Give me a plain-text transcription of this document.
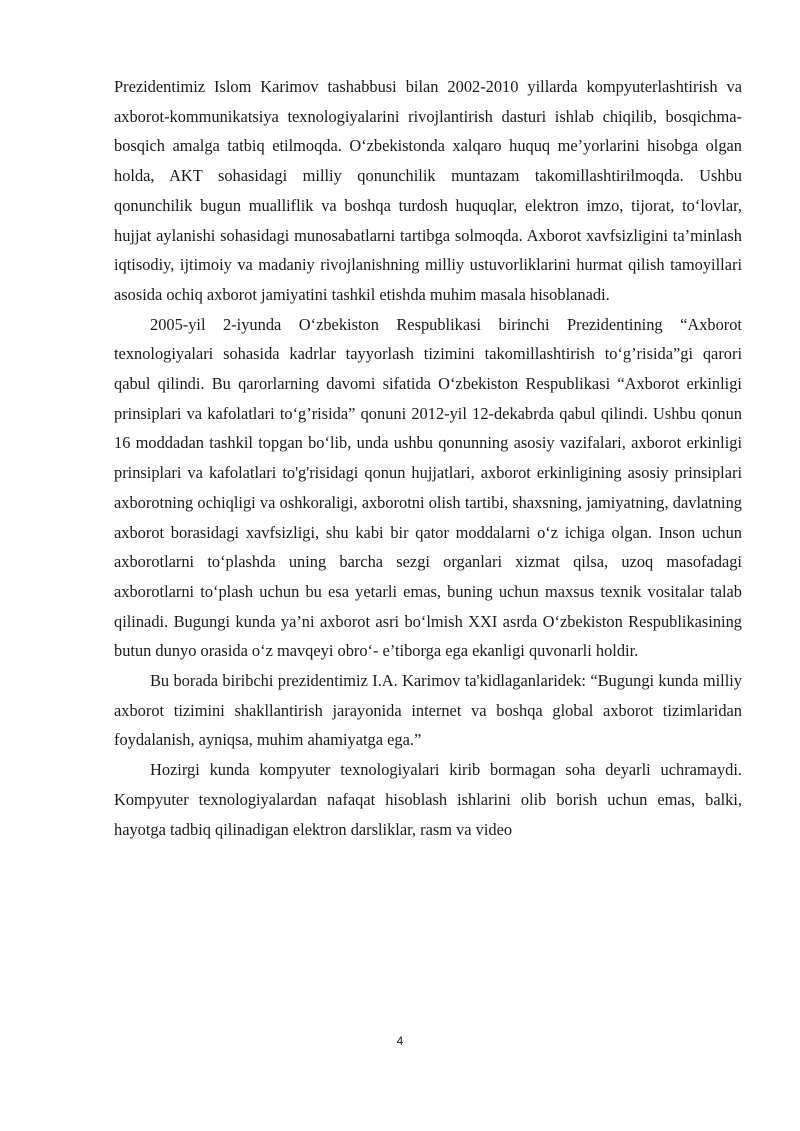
Prezidentimiz Islom Karimov tashabbusi bilan 2002-2010 yillarda kompyuterlashtirish va axborot-kommunikatsiya texnologiyalarini rivojlantirish dasturi ishlab chiqilib, bosqichma-bosqich amalga tatbiq etilmoqda. O‘zbekistonda xalqaro huquq me’yorlarini hisobga olgan holda, AKT sohasidagi milliy qonunchilik muntazam takomillashtirilmoqda. Ushbu qonunchilik bugun mualliflik va boshqa turdosh huquqlar, elektron imzo, tijorat, to‘lovlar, hujjat aylanishi sohasidagi munosabatlarni tartibga solmoqda. Axborot xavfsizligini ta’minlash iqtisodiy, ijtimoiy va madaniy rivojlanishning milliy ustuvorliklarini hurmat qilish tamoyillari asosida ochiq axborot jamiyatini tashkil etishda muhim masala hisoblanadi.

2005-yil 2-iyunda O‘zbekiston Respublikasi birinchi Prezidentining “Axborot texnologiyalari sohasida kadrlar tayyorlash tizimini takomillashtirish to‘g’risida”gi qarori qabul qilindi. Bu qarorlarning davomi sifatida O‘zbekiston Respublikasi “Axborot erkinligi prinsiplari va kafolatlari to‘g’risida” qonuni 2012-yil 12-dekabrda qabul qilindi. Ushbu qonun 16 moddadan tashkil topgan bo‘lib, unda ushbu qonunning asosiy vazifalari, axborot erkinligi prinsiplari va kafolatlari to'g'risidagi qonun hujjatlari, axborot erkinligining asosiy prinsiplari axborotning ochiqligi va oshkoraligi, axborotni olish tartibi, shaxsning, jamiyatning, davlatning axborot borasidagi xavfsizligi, shu kabi bir qator moddalarni o‘z ichiga olgan. Inson uchun axborotlarni to‘plashda uning barcha sezgi organlari xizmat qilsa, uzoq masofadagi axborotlarni to‘plash uchun bu esa yetarli emas, buning uchun maxsus texnik vositalar talab qilinadi. Bugungi kunda ya’ni axborot asri bo‘lmish XXI asrda O‘zbekiston Respublikasining butun dunyo orasida o‘z mavqeyi obro‘- e’tiborga ega ekanligi quvonarli holdir.

Bu borada biribchi prezidentimiz I.A. Karimov ta'kidlaganlaridek: “Bugungi kunda milliy axborot tizimini shakllantirish jarayonida internet va boshqa global axborot tizimlaridan foydalanish, ayniqsa, muhim ahamiyatga ega.”

Hozirgi kunda kompyuter texnologiyalari kirib bormagan soha deyarli uchramaydi. Kompyuter texnologiyalardan nafaqat hisoblash ishlarini olib borish uchun emas, balki, hayotga tadbiq qilinadigan elektron darsliklar, rasm va video

4
